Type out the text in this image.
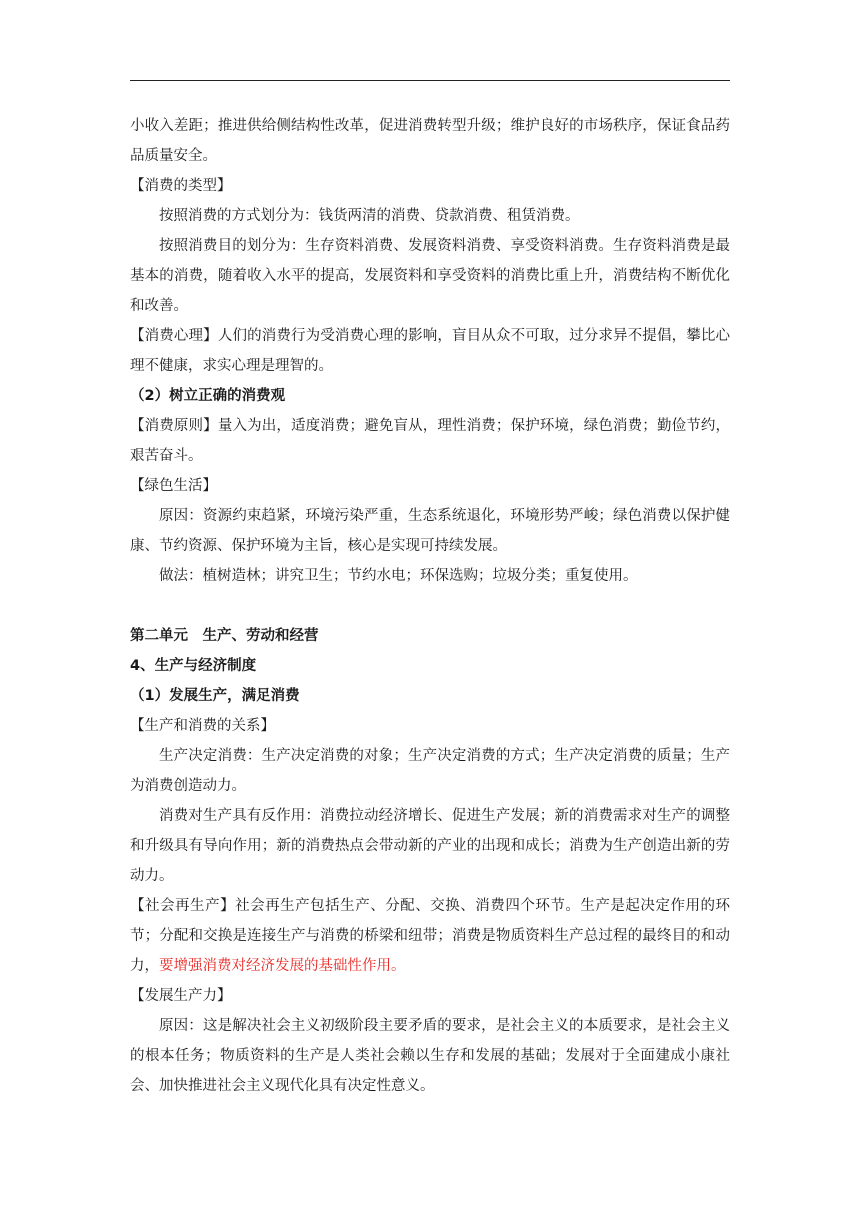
小收入差距；推进供给侧结构性改革，促进消费转型升级；维护良好的市场秩序，保证食品药品质量安全。

【消费的类型】

按照消费的方式划分为：钱货两清的消费、贷款消费、租赁消费。

按照消费目的划分为：生存资料消费、发展资料消费、享受资料消费。生存资料消费是最基本的消费，随着收入水平的提高，发展资料和享受资料的消费比重上升，消费结构不断优化和改善。

【消费心理】人们的消费行为受消费心理的影响，盲目从众不可取，过分求异不提倡，攀比心理不健康，求实心理是理智的。

（2）树立正确的消费观

【消费原则】量入为出，适度消费；避免盲从，理性消费；保护环境，绿色消费；勤俭节约，艰苦奋斗。

【绿色生活】

原因：资源约束趋紧，环境污染严重，生态系统退化，环境形势严峻；绿色消费以保护健康、节约资源、保护环境为主旨，核心是实现可持续发展。

做法：植树造林；讲究卫生；节约水电；环保选购；垃圾分类；重复使用。

第二单元　生产、劳动和经营

4、生产与经济制度

（1）发展生产，满足消费

【生产和消费的关系】

生产决定消费：生产决定消费的对象；生产决定消费的方式；生产决定消费的质量；生产为消费创造动力。

消费对生产具有反作用：消费拉动经济增长、促进生产发展；新的消费需求对生产的调整和升级具有导向作用；新的消费热点会带动新的产业的出现和成长；消费为生产创造出新的劳动力。

【社会再生产】社会再生产包括生产、分配、交换、消费四个环节。生产是起决定作用的环节；分配和交换是连接生产与消费的桥梁和纽带；消费是物质资料生产总过程的最终目的和动力，要增强消费对经济发展的基础性作用。

【发展生产力】

原因：这是解决社会主义初级阶段主要矛盾的要求，是社会主义的本质要求，是社会主义的根本任务；物质资料的生产是人类社会赖以生存和发展的基础；发展对于全面建成小康社会、加快推进社会主义现代化具有决定性意义。
